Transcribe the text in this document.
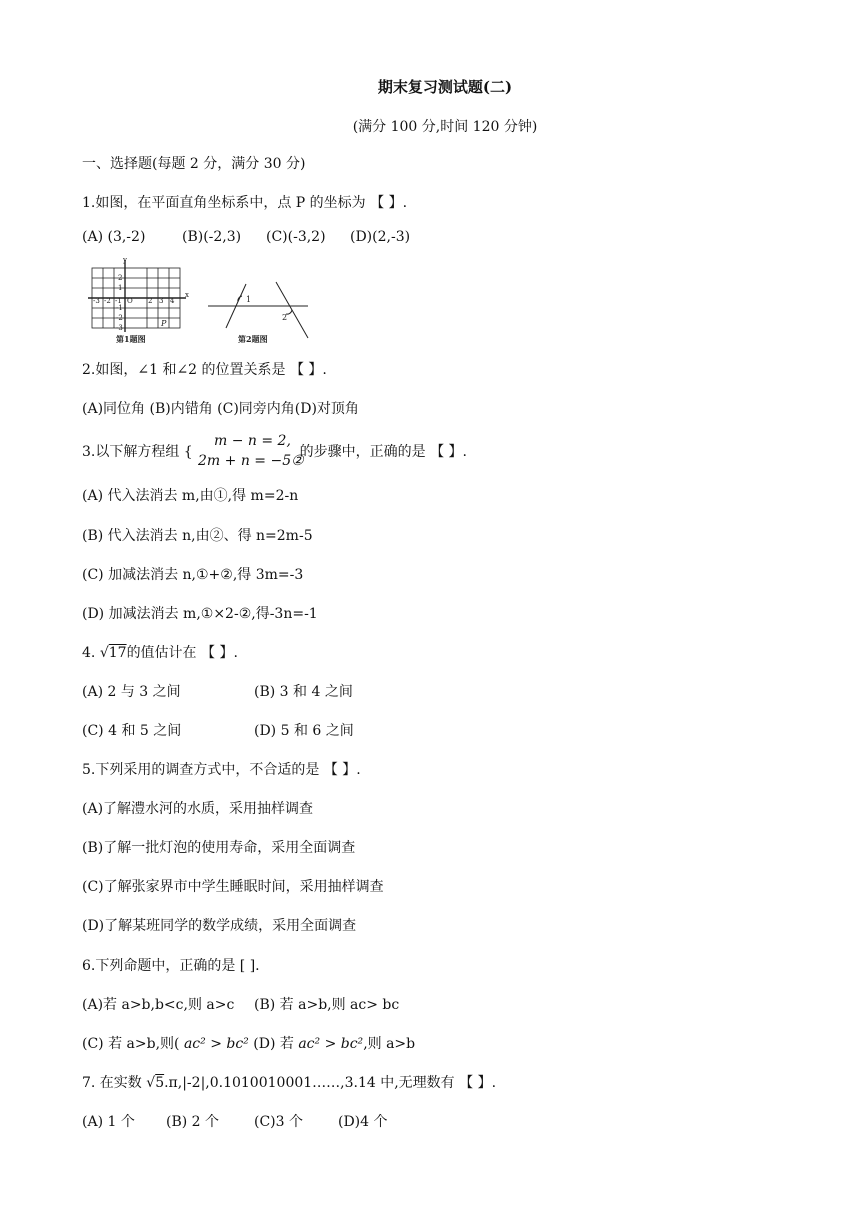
期末复习测试题(二)
(满分 100 分,时间 120 分钟)
一、选择题(每题 2 分，满分 30 分)
1.如图，在平面直角坐标系中，点 P 的坐标为 【 】.
(A) (3,-2)	(B)(-2,3) (C)(-3,2) (D)(2,-3)
y
x
-3 -2 -1 O 2 3 4
2
1
-1
-2
-3	P
第1题图
1
2
第2题图
2.如图，∠1 和∠2 的位置关系是 【 】.
(A)同位角 (B)内错角 (C)同旁内角(D)对顶角
3.以下解方程组 {	的步骤中，正确的是 【 】.
m − n = 2,
2m + n = −5②
(A) 代入法消去 m,由①,得 m=2-n
(B) 代入法消去 n,由②、得 n=2m-5
(C) 加减法消去 n,①+②,得 3m=-3
(D) 加减法消去 m,①×2-②,得-3n=-1
4. √17的值估计在 【 】.
(A) 2 与 3 之间	(B) 3 和 4 之间
(C) 4 和 5 之间	(D) 5 和 6 之间
5.下列采用的调查方式中，不合适的是 【 】.
(A)了解澧水河的水质，采用抽样调查
(B)了解一批灯泡的使用寿命，采用全面调查
(C)了解张家界市中学生睡眠时间，采用抽样调查
(D)了解某班同学的数学成绩，采用全面调查
6.下列命题中，正确的是 [ ].
(A)若 a>b,b<c,则 a>c (B) 若 a>b,则 ac> bc
(C) 若 a>b,则( ac² > bc² (D) 若 ac² > bc²,则 a>b
7. 在实数 √5.π,|-2|,0.1010010001……,3.14 中,无理数有 【 】.
(A) 1 个 (B) 2 个 (C)3 个	(D)4 个
